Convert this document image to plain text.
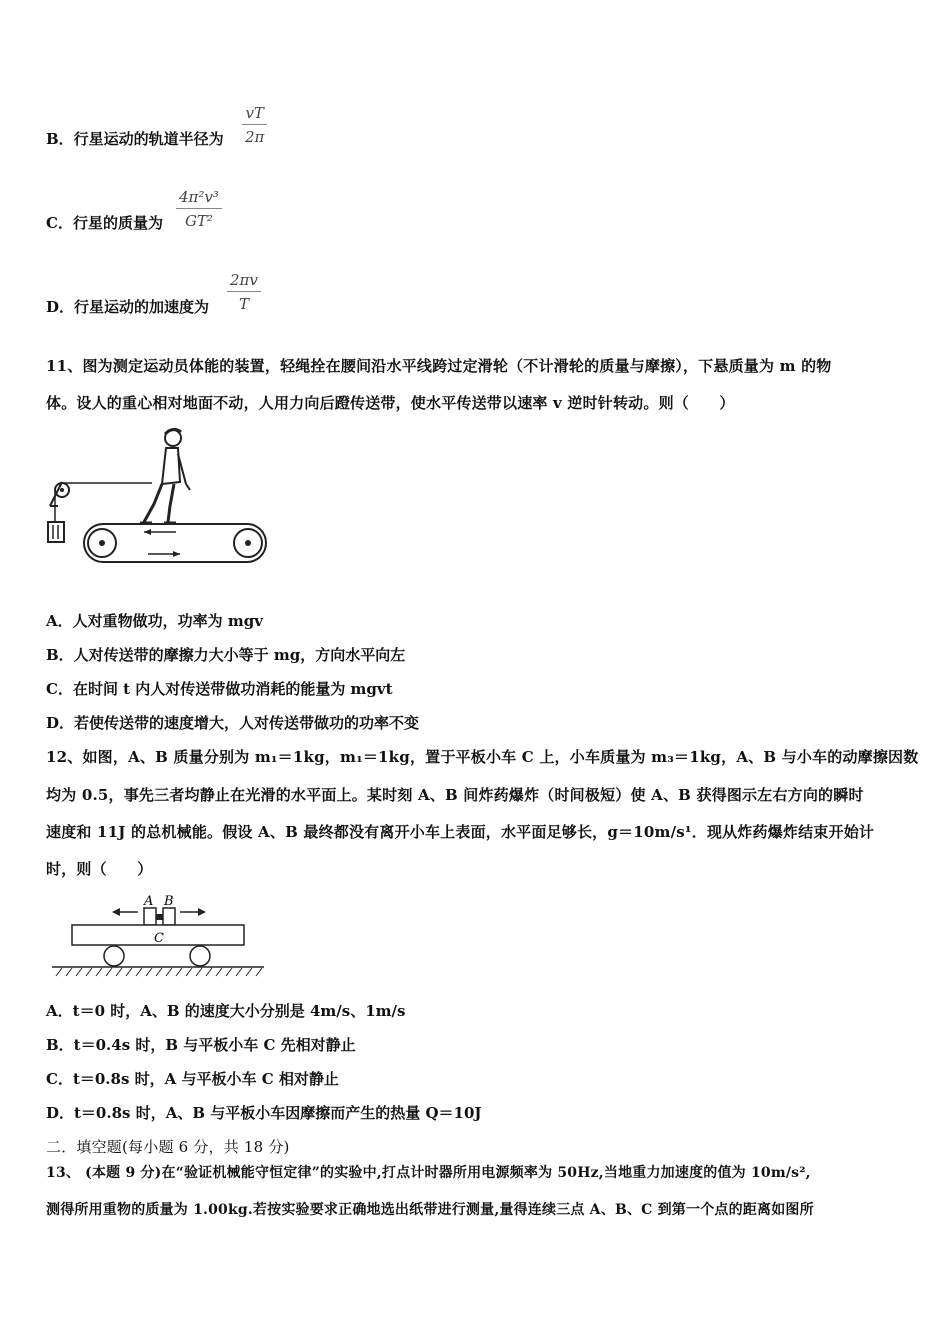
B．行星运动的轨道半径为 $\frac{vT}{2\pi}$
C．行星的质量为 $\frac{\text{4π²v³}}{\text{GT²}}$
D．行星运动的加速度为 $\frac{2\pi v}{T}$
11、图为测定运动员体能的装置，轻绳拴在腰间沿水平线跨过定滑轮（不计滑轮的质量与摩擦），下悬质量为 m 的物
体。设人的重心相对地面不动，人用力向后蹬传送带，使水平传送带以速率 v 逆时针转动。则（　　）
A．人对重物做功，功率为 mgv
B．人对传送带的摩擦力大小等于 mg，方向水平向左
C．在时间 t 内人对传送带做功消耗的能量为 mgvt
D．若使传送带的速度增大，人对传送带做功的功率不变
12、如图，A、B 质量分别为 m₁＝1kg，m₁＝1kg，置于平板小车 C 上，小车质量为 m₃＝1kg，A、B 与小车的动摩擦因数
均为 0.5，事先三者均静止在光滑的水平面上。某时刻 A、B 间炸药爆炸（时间极短）使 A、B 获得图示左右方向的瞬时
速度和 11J 的总机械能。假设 A、B 最终都没有离开小车上表面，水平面足够长，g＝10m/s¹．现从炸药爆炸结束开始计
时，则（　　）
A B
C
A．t＝0 时，A、B 的速度大小分别是 4m/s、1m/s
B．t＝0.4s 时，B 与平板小车 C 先相对静止
C．t＝0.8s 时，A 与平板小车 C 相对静止
D．t＝0.8s 时，A、B 与平板小车因摩擦而产生的热量 Q＝10J
二．填空题(每小题 6 分，共 18 分)
13、 (本题 9 分)在“验证机械能守恒定律”的实验中,打点计时器所用电源频率为 50Hz,当地重力加速度的值为 10m/s²,
测得所用重物的质量为 1.00kg.若按实验要求正确地选出纸带进行测量,量得连续三点 A、B、C 到第一个点的距离如图所
